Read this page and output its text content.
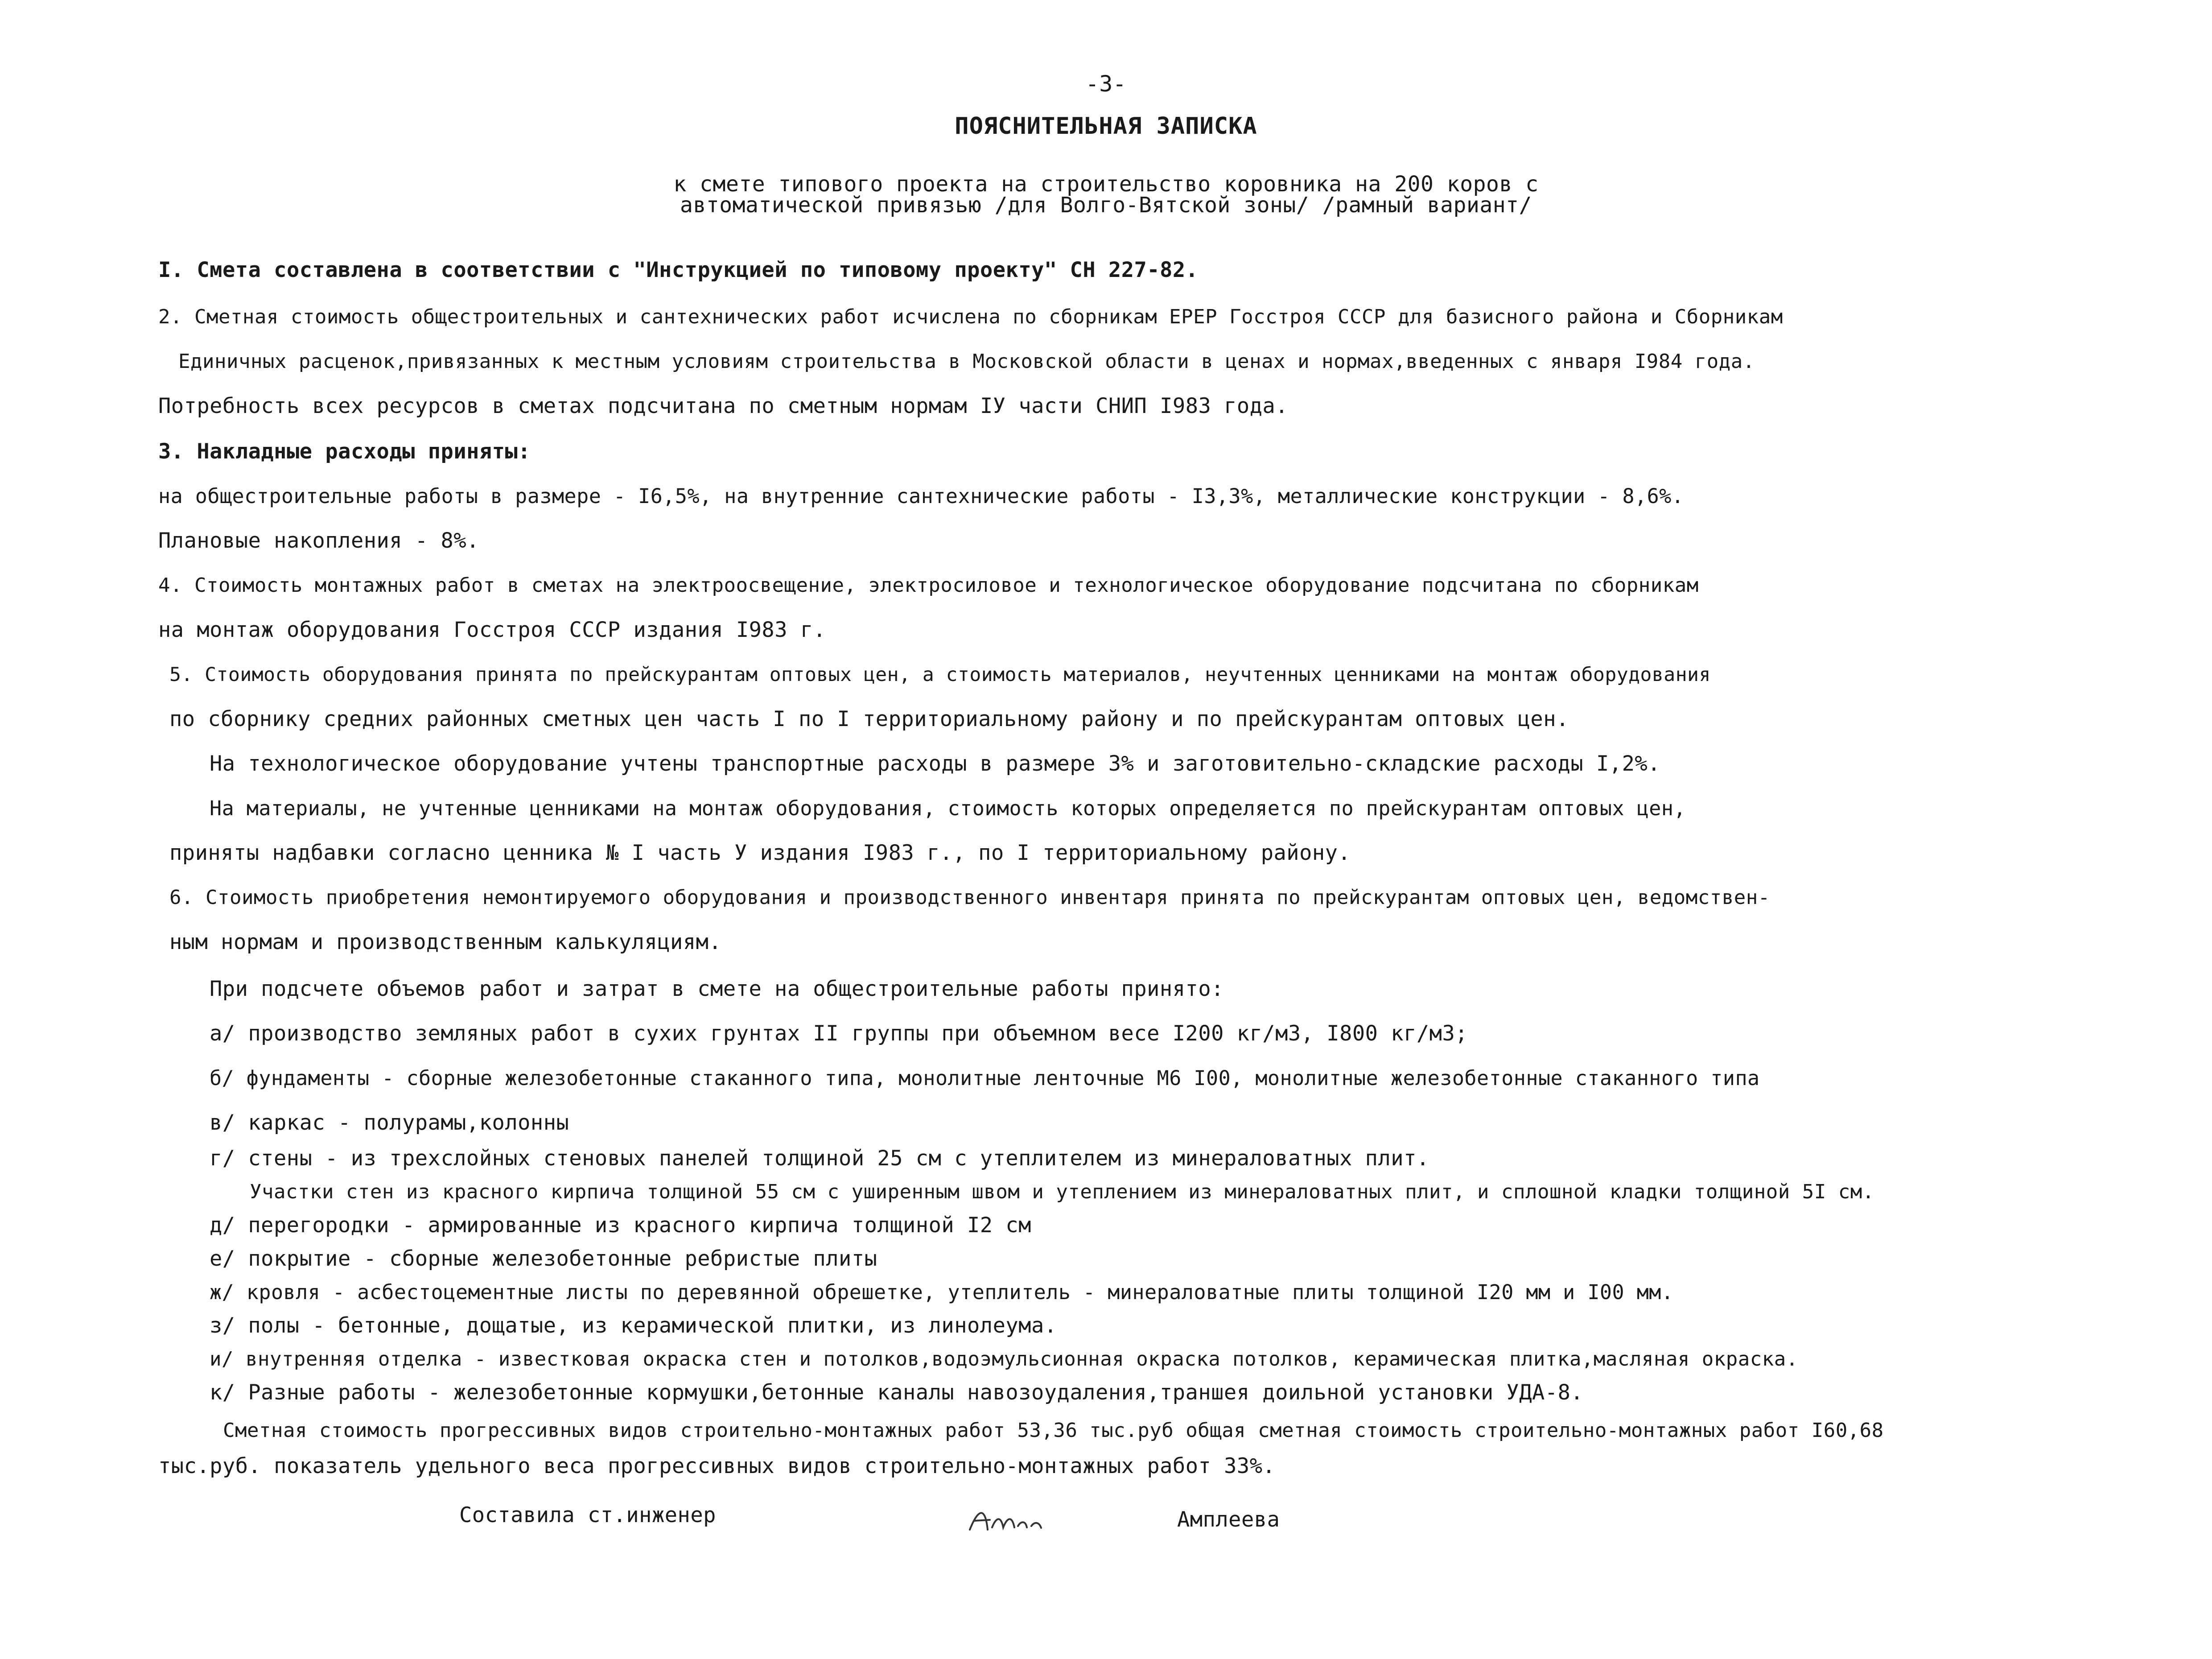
-3-
ПОЯСНИТЕЛЬНАЯ ЗАПИСКА
к смете типового проекта на строительство коровника на 200 коров с
автоматической привязью /для Волго-Вятской зоны/ /рамный вариант/
I. Смета составлена в соответствии с "Инструкцией по типовому проекту" СН 227-82.
2. Сметная стоимость общестроительных и сантехнических работ исчислена по сборникам ЕРЕР Госстроя СССР для базисного района и Сборникам
Единичных расценок,привязанных к местным условиям строительства в Московской области в ценах и нормах,введенных с января I984 года.
Потребность всех ресурсов в сметах подсчитана по сметным нормам IУ части СНИП I983 года.
3. Накладные расходы приняты:
на общестроительные работы в размере - I6,5%, на внутренние сантехнические работы - I3,3%, металлические конструкции - 8,6%.
Плановые накопления - 8%.
4. Стоимость монтажных работ в сметах на электроосвещение, электросиловое и технологическое оборудование подсчитана по сборникам
на монтаж оборудования Госстроя СССР издания I983 г.
5. Стоимость оборудования принята по прейскурантам оптовых цен, а стоимость материалов, неучтенных ценниками на монтаж оборудования
по сборнику средних районных сметных цен часть I по I территориальному району и по прейскурантам оптовых цен.
На технологическое оборудование учтены транспортные расходы в размере 3% и заготовительно-складские расходы I,2%.
На материалы, не учтенные ценниками на монтаж оборудования, стоимость которых определяется по прейскурантам оптовых цен,
приняты надбавки согласно ценника № I часть У издания I983 г., по I территориальному району.
6. Стоимость приобретения немонтируемого оборудования и производственного инвентаря принята по прейскурантам оптовых цен, ведомствен-
ным нормам и производственным калькуляциям.
При подсчете объемов работ и затрат в смете на общестроительные работы принято:
а/ производство земляных работ в сухих грунтах II группы при объемном весе I200 кг/м3, I800 кг/м3;
б/ фундаменты - сборные железобетонные стаканного типа, монолитные ленточные М6 I00, монолитные железобетонные стаканного типа
в/ каркас - полурамы,колонны
г/ стены - из трехслойных стеновых панелей толщиной 25 см с утеплителем из минераловатных плит.
Участки стен из красного кирпича толщиной 55 см с уширенным швом и утеплением из минераловатных плит, и сплошной кладки толщиной 5I см.
д/ перегородки - армированные из красного кирпича толщиной I2 см
е/ покрытие - сборные железобетонные ребристые плиты
ж/ кровля - асбестоцементные листы по деревянной обрешетке, утеплитель - минераловатные плиты толщиной I20 мм и I00 мм.
з/ полы - бетонные, дощатые, из керамической плитки, из линолеума.
и/ внутренняя отделка - известковая окраска стен и потолков,водоэмульсионная окраска потолков, керамическая плитка,масляная окраска.
к/ Разные работы - железобетонные кормушки,бетонные каналы навозоудаления,траншея доильной установки УДА-8.
Сметная стоимость прогрессивных видов строительно-монтажных работ 53,36 тыс.руб общая сметная стоимость строительно-монтажных работ I60,68
тыс.руб. показатель удельного веса прогрессивных видов строительно-монтажных работ 33%.
Составила ст.инженер	Амплеева
